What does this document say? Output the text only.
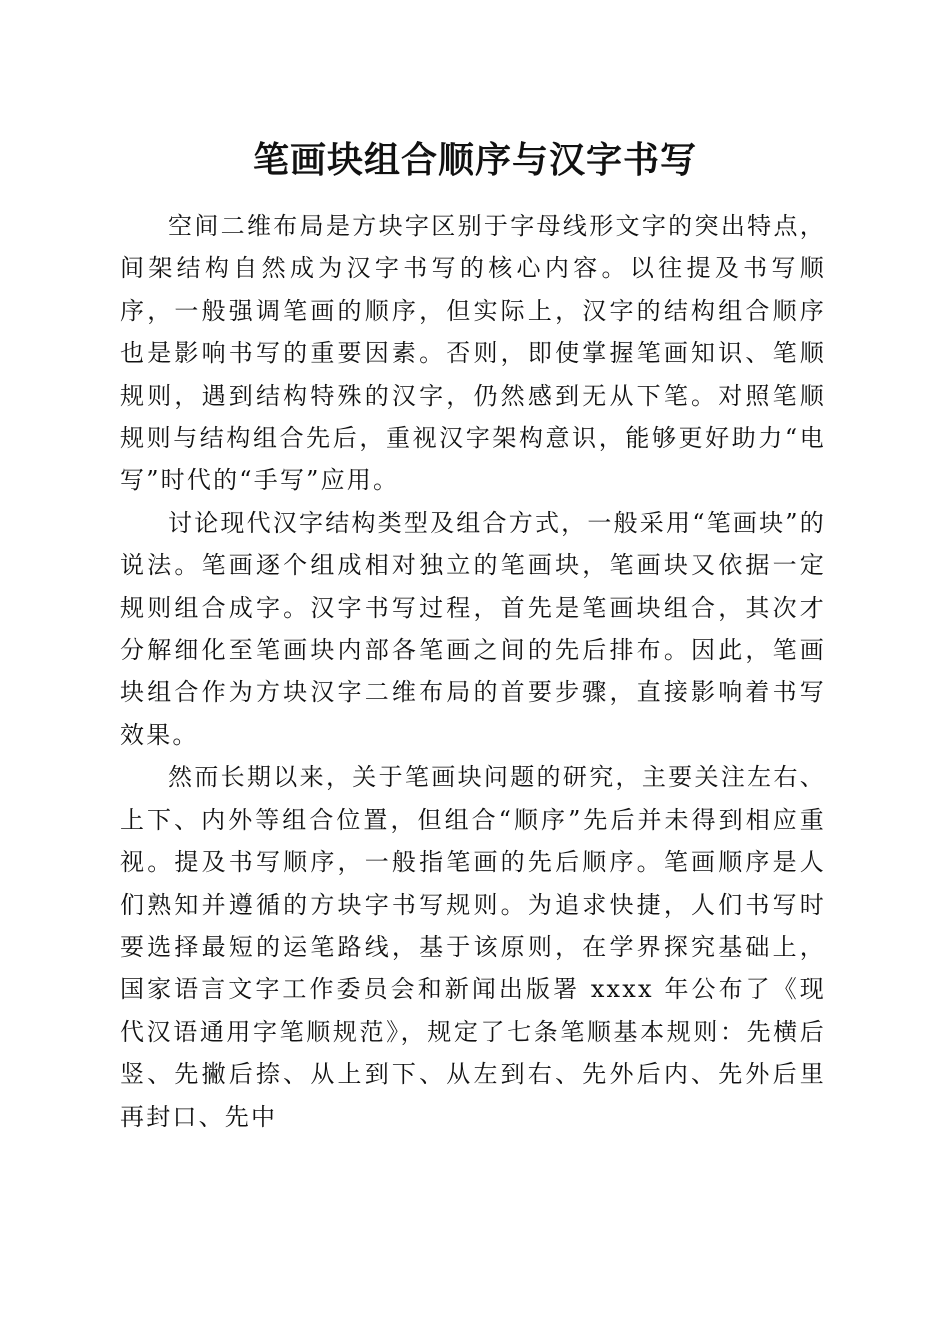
笔画块组合顺序与汉字书写

空间二维布局是方块字区别于字母线形文字的突出特点，间架结构自然成为汉字书写的核心内容。以往提及书写顺序，一般强调笔画的顺序，但实际上，汉字的结构组合顺序也是影响书写的重要因素。否则，即使掌握笔画知识、笔顺规则，遇到结构特殊的汉字，仍然感到无从下笔。对照笔顺规则与结构组合先后，重视汉字架构意识，能够更好助力“电写”时代的“手写”应用。

讨论现代汉字结构类型及组合方式，一般采用“笔画块”的说法。笔画逐个组成相对独立的笔画块，笔画块又依据一定规则组合成字。汉字书写过程，首先是笔画块组合，其次才分解细化至笔画块内部各笔画之间的先后排布。因此，笔画块组合作为方块汉字二维布局的首要步骤，直接影响着书写效果。

然而长期以来，关于笔画块问题的研究，主要关注左右、上下、内外等组合位置，但组合“顺序”先后并未得到相应重视。提及书写顺序，一般指笔画的先后顺序。笔画顺序是人们熟知并遵循的方块字书写规则。为追求快捷，人们书写时要选择最短的运笔路线，基于该原则，在学界探究基础上，国家语言文字工作委员会和新闻出版署 xxxx 年公布了《现代汉语通用字笔顺规范》，规定了七条笔顺基本规则：先横后竖、先撇后捺、从上到下、从左到右、先外后内、先外后里再封口、先中
